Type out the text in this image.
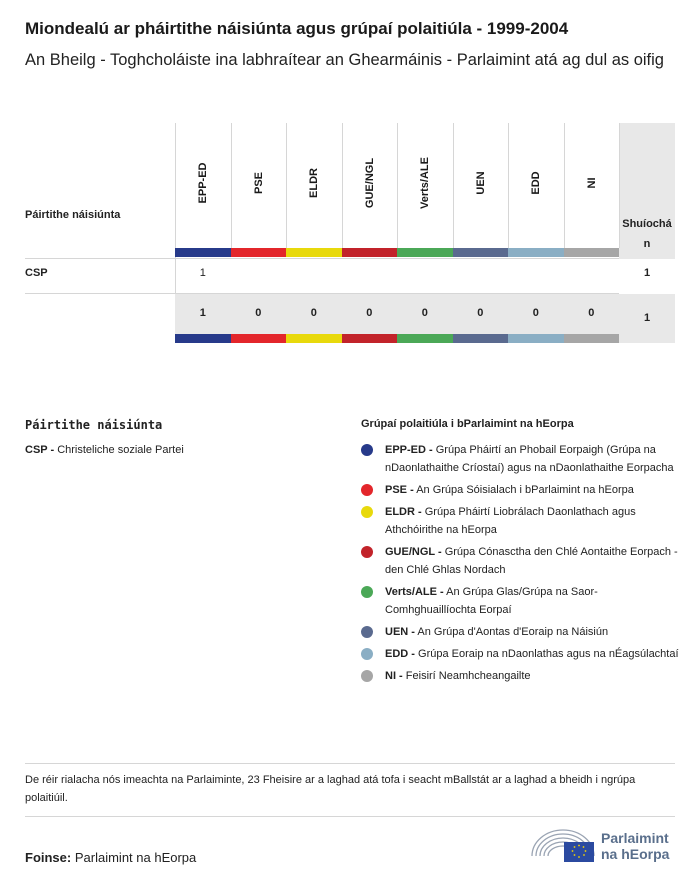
Miondealú ar pháirtithe náisiúnta agus grúpaí polaitiúla - 1999-2004
An Bheilg - Toghcholáiste ina labhraítear an Ghearmáinis - Parlaimint atá ag dul as oifig
Páirtithe náisiúnta
Shuíochán
CSP	1
1
EPP-ED
1
1
PSE
0
ELDR
0
GUE/NGL
0
Verts/ALE
0
UEN
0
EDD
0
NI
0
Páirtithe náisiúnta
CSP - Christeliche soziale Partei
Grúpaí polaitiúla i bParlaimint na hEorpa
EPP-ED - Grúpa Pháirtí an Phobail Eorpaigh (Grúpa na nDaonlathaithe Críostaí) agus na nDaonlathaithe Eorpacha
PSE - An Grúpa Sóisialach i bParlaimint na hEorpa
ELDR - Grúpa Pháirtí Liobrálach Daonlathach agus Athchóirithe na hEorpa
GUE/NGL - Grúpa Cónasctha den Chlé Aontaithe Eorpach - den Chlé Ghlas Nordach
Verts/ALE - An Grúpa Glas/Grúpa na Saor-Comhghuaillíochta Eorpaí
UEN - An Grúpa d'Aontas d'Eoraip na Náisiún
EDD - Grúpa Eoraip na nDaonlathas agus na nÉagsúlachtaí
NI - Feisirí Neamhcheangailte
De réir rialacha nós imeachta na Parlaiminte, 23 Fheisire ar a laghad atá tofa i seacht mBallstát ar a laghad a bheidh i ngrúpa polaitiúil.
Foinse: Parlaimint na hEorpa
Parlaimint
na hEorpa
